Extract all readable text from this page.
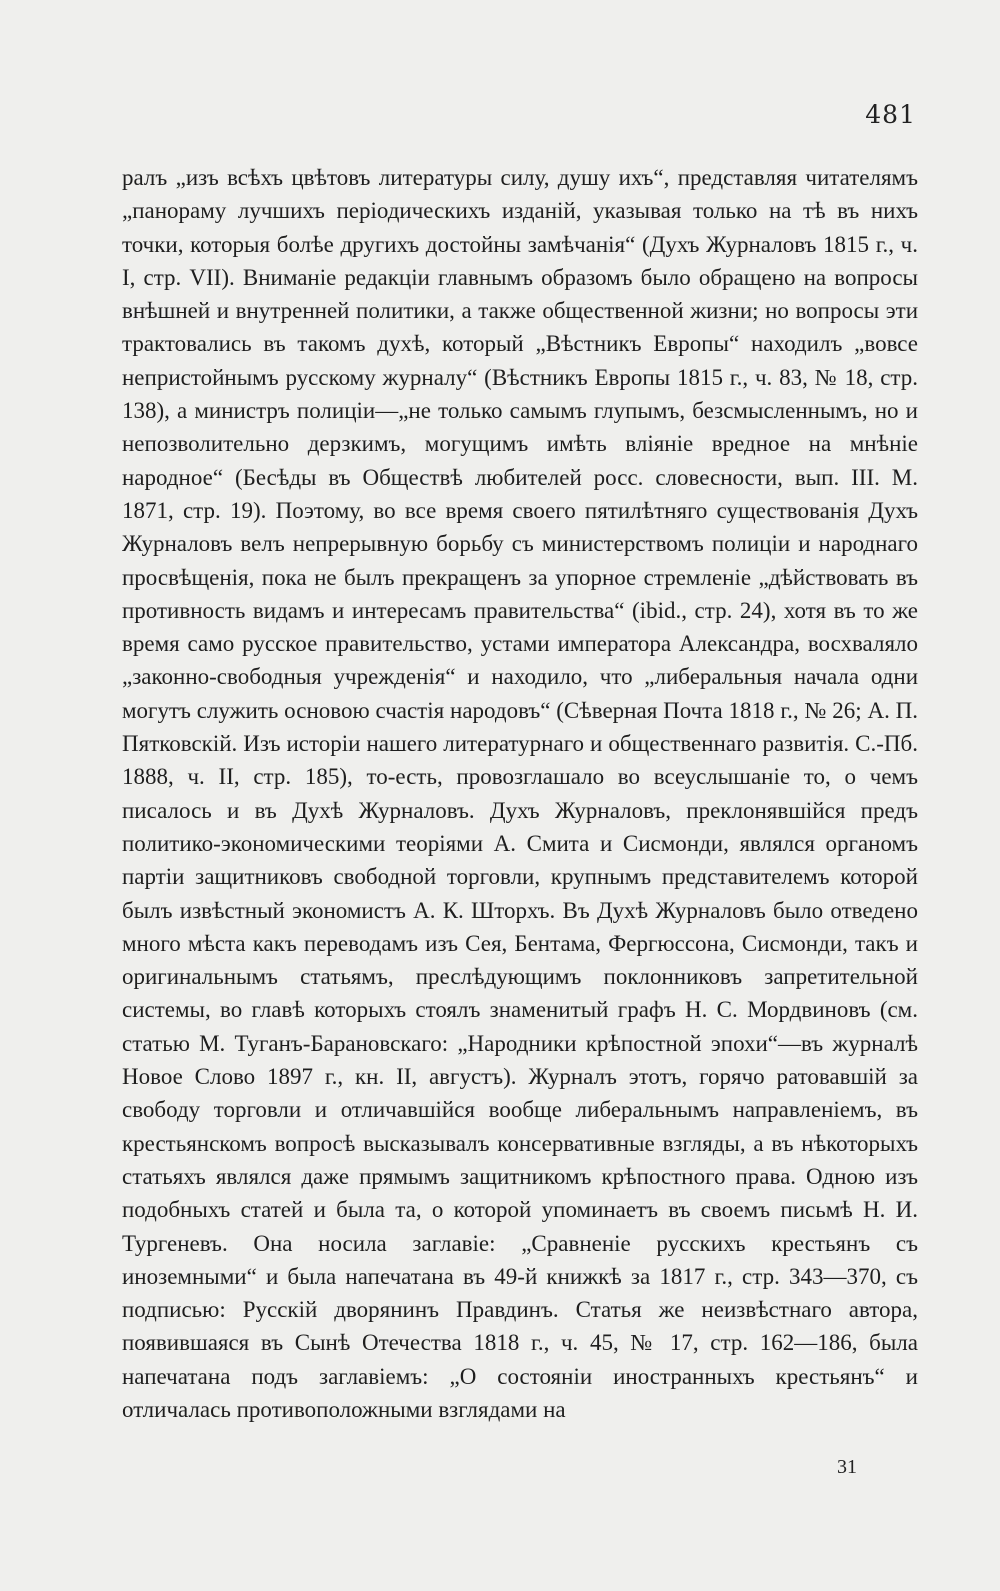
481

ралъ „изъ всѣхъ цвѣтовъ литературы силу, душу ихъ“, представляя читателямъ „панораму лучшихъ періодическихъ изданій, указывая только на тѣ въ нихъ точки, которыя болѣе другихъ достойны замѣчанія“ (Духъ Журналовъ 1815 г., ч. I, стр. VII). Вниманіе редакціи главнымъ образомъ было обращено на вопросы внѣшней и внутренней политики, а также общественной жизни; но вопросы эти трактовались въ такомъ духѣ, который „Вѣстникъ Европы“ находилъ „вовсе непристойнымъ русскому журналу“ (Вѣстникъ Европы 1815 г., ч. 83, № 18, стр. 138), а министръ полиціи—„не только самымъ глупымъ, безсмысленнымъ, но и непозволительно дерзкимъ, могущимъ имѣть вліяніе вредное на мнѣніе народное“ (Бесѣды въ Обществѣ любителей росс. словесности, вып. III. М. 1871, стр. 19). Поэтому, во все время своего пятилѣтняго существованія Духъ Журналовъ велъ непрерывную борьбу съ министерствомъ полиціи и народнаго просвѣщенія, пока не былъ прекращенъ за упорное стремленіе „дѣйствовать въ противность видамъ и интересамъ правительства“ (ibid., стр. 24), хотя въ то же время само русское правительство, устами императора Александра, восхваляло „законно-свободныя учрежденія“ и находило, что „либеральныя начала одни могутъ служить основою счастія народовъ“ (Сѣверная Почта 1818 г., № 26; А. П. Пятковскій. Изъ исторіи нашего литературнаго и общественнаго развитія. С.-Пб. 1888, ч. II, стр. 185), то-есть, провозглашало во всеуслышаніе то, о чемъ писалось и въ Духѣ Журналовъ. Духъ Журналовъ, преклонявшійся предъ политико-экономическими теоріями А. Смита и Сисмонди, являлся органомъ партіи защитниковъ свободной торговли, крупнымъ представителемъ которой былъ извѣстный экономистъ А. К. Шторхъ. Въ Духѣ Журналовъ было отведено много мѣста какъ переводамъ изъ Сея, Бентама, Фергюссона, Сисмонди, такъ и оригинальнымъ статьямъ, преслѣдующимъ поклонниковъ запретительной системы, во главѣ которыхъ стоялъ знаменитый графъ Н. С. Мордвиновъ (см. статью М. Туганъ-Барановскаго: „Народники крѣпостной эпохи“—въ журналѣ Новое Слово 1897 г., кн. II, августъ). Журналъ этотъ, горячо ратовавшій за свободу торговли и отличавшійся вообще либеральнымъ направленіемъ, въ крестьянскомъ вопросѣ высказывалъ консервативные взгляды, а въ нѣкоторыхъ статьяхъ являлся даже прямымъ защитникомъ крѣпостного права. Одною изъ подобныхъ статей и была та, о которой упоминаетъ въ своемъ письмѣ Н. И. Тургеневъ. Она носила заглавіе: „Сравненіе русскихъ крестьянъ съ иноземными“ и была напечатана въ 49-й книжкѣ за 1817 г., стр. 343—370, съ подписью: Русскій дворянинъ Правдинъ. Статья же неизвѣстнаго автора, появившаяся въ Сынѣ Отечества 1818 г., ч. 45, № 17, стр. 162—186, была напечатана подъ заглавіемъ: „О состояніи иностранныхъ крестьянъ“ и отличалась противоположными взглядами на

31
